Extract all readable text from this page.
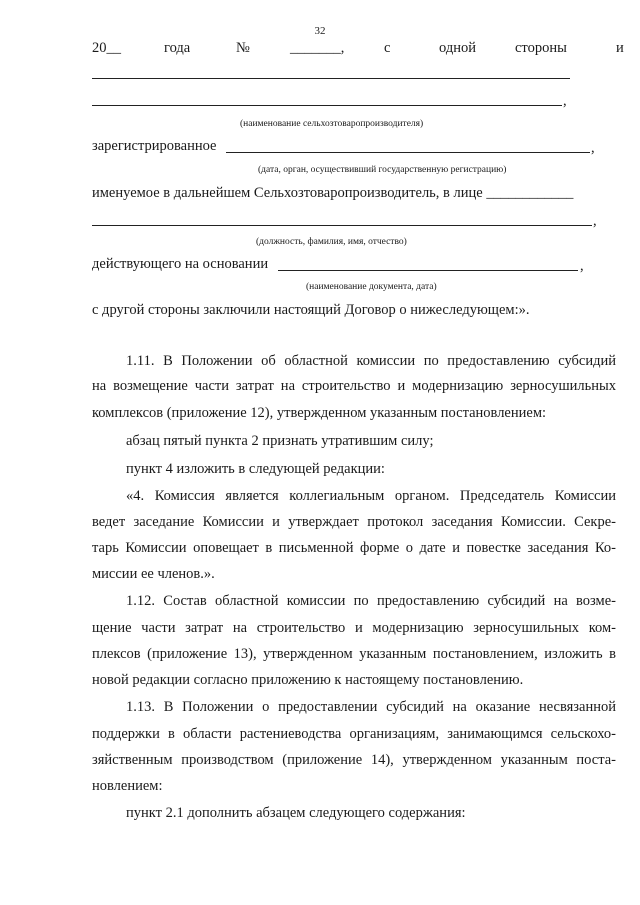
32
20__	года	№	_______,	с	одной	стороны	и
,
(наименование сельхозтоваропроизводителя)
зарегистрированное	,
(дата, орган, осуществивший государственную регистрацию)
именуемое в дальнейшем Сельхозтоваропроизводитель, в лице ____________
,
(должность, фамилия, имя, отчество)
действующего на основании	,
(наименование документа, дата)
с другой стороны заключили настоящий Договор о нижеследующем:».
1.11. В Положении об областной комиссии по предоставлению субсидий
на возмещение части затрат на строительство и модернизацию зерносушильных
комплексов (приложение 12), утвержденном указанным постановлением:
абзац пятый пункта 2 признать утратившим силу;
пункт 4 изложить в следующей редакции:
«4. Комиссия является коллегиальным органом. Председатель Комиссии
ведет заседание Комиссии и утверждает протокол заседания Комиссии. Секре-
тарь Комиссии оповещает в письменной форме о дате и повестке заседания Ко-
миссии ее членов.».
1.12. Состав областной комиссии по предоставлению субсидий на возме-
щение части затрат на строительство и модернизацию зерносушильных ком-
плексов (приложение 13), утвержденном указанным постановлением, изложить в
новой редакции согласно приложению к настоящему постановлению.
1.13. В Положении о предоставлении субсидий на оказание несвязанной
поддержки в области растениеводства организациям, занимающимся сельскохо-
зяйственным производством (приложение 14), утвержденном указанным поста-
новлением:
пункт 2.1 дополнить абзацем следующего содержания:
